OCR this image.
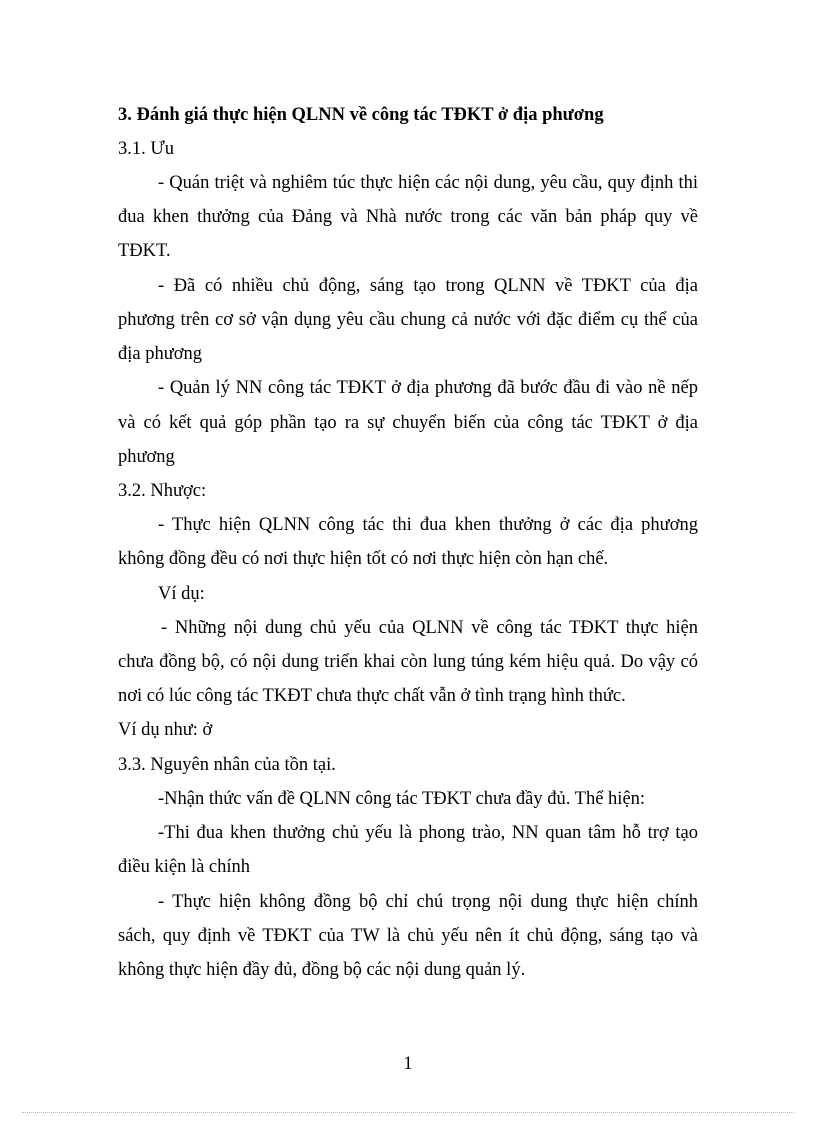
3. Đánh giá thực hiện QLNN về công tác TĐKT ở địa phương
3.1. Ưu
- Quán triệt và nghiêm túc thực hiện các nội dung, yêu cầu, quy định thi
đua khen thưởng của Đảng và Nhà nước trong các văn bản pháp quy về
TĐKT.
- Đã có nhiều chủ động, sáng tạo trong QLNN về TĐKT của địa
phương trên cơ sở vận dụng yêu cầu chung cả nước với đặc điểm cụ thể của
địa phương
- Quản lý NN công tác TĐKT ở địa phương đã bước đầu đi vào nề nếp
và có kết quả góp phần tạo ra sự chuyển biến của công tác TĐKT ở địa
phương
3.2. Nhược:
- Thực hiện QLNN công tác thi đua khen thưởng ở các địa phương
không đồng đều có nơi thực hiện tốt có nơi thực hiện còn hạn chế.
Ví dụ:
- Những nội dung chủ yếu của QLNN về công tác TĐKT thực hiện
chưa đồng bộ, có nội dung triển khai còn lung túng kém hiệu quả. Do vậy có
nơi có lúc công tác TKĐT chưa thực chất vẫn ở tình trạng hình thức.
Ví dụ như: ở
3.3. Nguyên nhân của tồn tại.
-Nhận thức vấn đề QLNN công tác TĐKT chưa đầy đủ. Thể hiện:
-Thi đua khen thưởng chủ yếu là phong trào, NN quan tâm hỗ trợ tạo
điều kiện là chính
- Thực hiện không đồng bộ chỉ chú trọng nội dung thực hiện chính
sách, quy định về TĐKT của TW là chủ yếu nên ít chủ động, sáng tạo và
không thực hiện đầy đủ, đồng bộ các nội dung quản lý.
1
